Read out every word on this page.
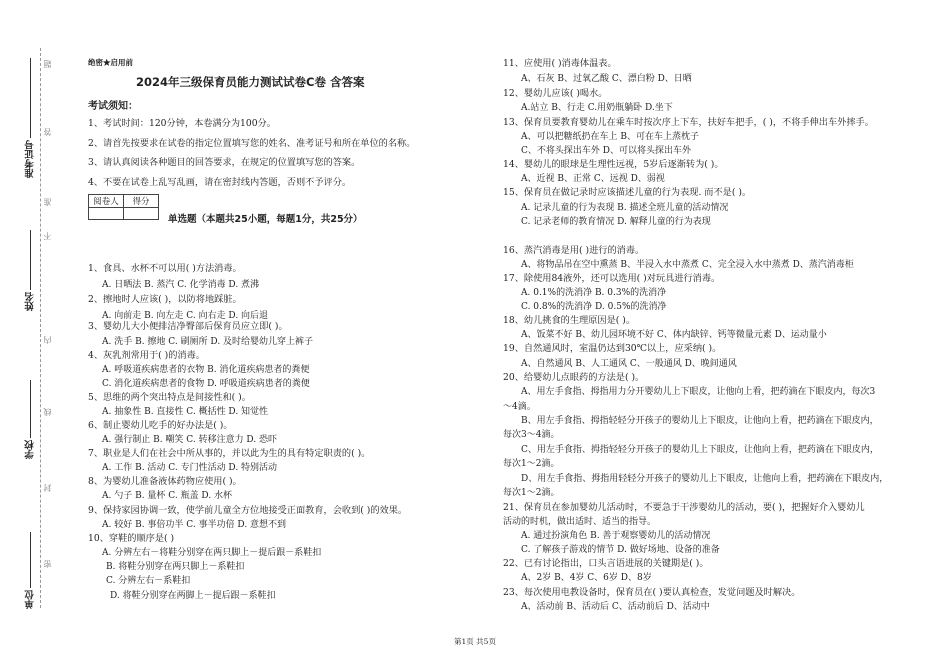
准考证号
姓名
学校
单位
题
答
准
不
内
线
封
密
绝密★启用前
2024年三级保育员能力测试试卷C卷 含答案
考试须知：
1、考试时间：120分钟，本卷满分为100分。
2、请首先按要求在试卷的指定位置填写您的姓名、准考证号和所在单位的名称。
3、请认真阅读各种题目的回答要求，在规定的位置填写您的答案。
4、不要在试卷上乱写乱画，请在密封线内答题，否则不予评分。
阅卷人	得分

单选题（本题共25小题，每题1分，共25分）
1、食具、水杯不可以用( )方法消毒。
A. 日晒法 B. 蒸汽 C. 化学消毒 D. 煮沸
2、擦地时人应该( )，以防将地踩脏。
A. 向前走 B. 向左走 C. 向右走 D. 向后退
3、婴幼儿大小便排洁净臀部后保育员应立即( )。
A. 洗手 B. 擦地 C. 刷厕所 D. 及时给婴幼儿穿上裤子
4、灰乳剂常用于( )的消毒。
A. 呼吸道疾病患者的衣物 B. 消化道疾病患者的粪便
C. 消化道疾病患者的食物 D. 呼吸道疾病患者的粪便
5、思维的两个突出特点是间接性和( )。
A. 抽象性 B. 直接性 C. 概括性 D. 知觉性
6、制止婴幼儿吃手的好办法是( )。
A. 强行制止 B. 嘲笑 C. 转移注意力 D. 恐吓
7、职业是人们在社会中所从事的，并以此为生的具有特定职责的( )。
A. 工作 B. 活动 C. 专门性活动 D. 特别活动
8、为婴幼儿准备液体药物应使用( )。
A. 勺子 B. 量杯 C. 瓶盖 D. 水杯
9、保持家园协调一致，使学前儿童全方位地接受正面教育，会收到( )的效果。
A. 较好 B. 事倍功半 C. 事半功倍 D. 意想不到
10、穿鞋的顺序是( )
A. 分辨左右－将鞋分别穿在两只脚上－提后跟－系鞋扣
B. 将鞋分别穿在两只脚上－系鞋扣
C. 分辨左右－系鞋扣
D. 将鞋分别穿在两脚上－提后跟－系鞋扣
11、应使用( )消毒体温表。
A、石灰 B、过氧乙酸 C、漂白粉 D、日晒
12、婴幼儿应该( )喝水。
A.站立 B、行走 C.用奶瓶躺卧 D.坐下
13、保育员要教育婴幼儿在乘车时按次序上下车，扶好车把手，( )，不将手伸出车外摔手。
A、可以把糖纸扔在车上 B、可在车上蒸枕子
C、不将头探出车外 D、可以将头探出车外
14、婴幼儿的眼球是生理性远视，5岁后逐渐转为( )。
A、近视 B、正常 C、远视 D、弱视
15、保育员在做记录时应该描述儿童的行为表现. 而不是( )。
A. 记录儿童的行为表现 B. 描述全班儿童的活动情况
C. 记录老师的教育情况 D. 解释儿童的行为表现
16、蒸汽消毒是用( )进行的消毒。
A、将物品吊在空中熏蒸 B、半浸入水中蒸煮 C、完全浸入水中蒸煮 D、蒸汽消毒柜
17、除使用84液外，还可以选用( )对玩具进行消毒。
A. 0.1%的洗消净 B. 0.3%的洗消净
C. 0.8%的洗消净 D. 0.5%的洗消净
18、幼儿挑食的生理原因是( )。
A、饭菜不好 B、幼儿园环境不好 C、体内缺锌、钙等微量元素 D、运动量小
19、自然通风时，室温仍达到30℃以上，应采纳( )。
A、自然通风 B、人工通风 C、一般通风 D、晚间通风
20、给婴幼儿点眼药的方法是( )。
A、用左手食指、拇指用力分开婴幼儿上下眼皮，让他向上看，把药滴在下眼皮内，每次3
～4滴。
B、用左手食指、拇指轻轻分开孩子的婴幼儿上下眼皮，让他向上看，把药滴在下眼皮内，
每次3～4滴。
C、用左手食指、拇指轻轻分开孩子的婴幼儿上下眼皮，让他向上看，把药滴在下眼皮内，
每次1～2滴。
D、用左手食指、拇指用轻轻分开孩子的婴幼儿上下眼皮，让他向上看，把药滴在下眼皮内，
每次1～2滴。
21、保育员在参加婴幼儿活动时，不要急于干涉婴幼儿的活动，要( )，把握好介入婴幼儿
活动的时机，做出适时、适当的指导。
A. 通过扮演角色 B. 善于观察婴幼儿的活动情况
C. 了解孩子游戏的情节 D. 做好场地、设备的准备
22、已有讨论指出，口头言语进展的关键期是( )。
A、2岁 B、4岁 C、6岁 D、8岁
23、每次使用电教设备时，保育员在( )要认真检查，发觉问题及时解决。
A、活动前 B、活动后 C、活动前后 D、活动中
第1页 共5页
